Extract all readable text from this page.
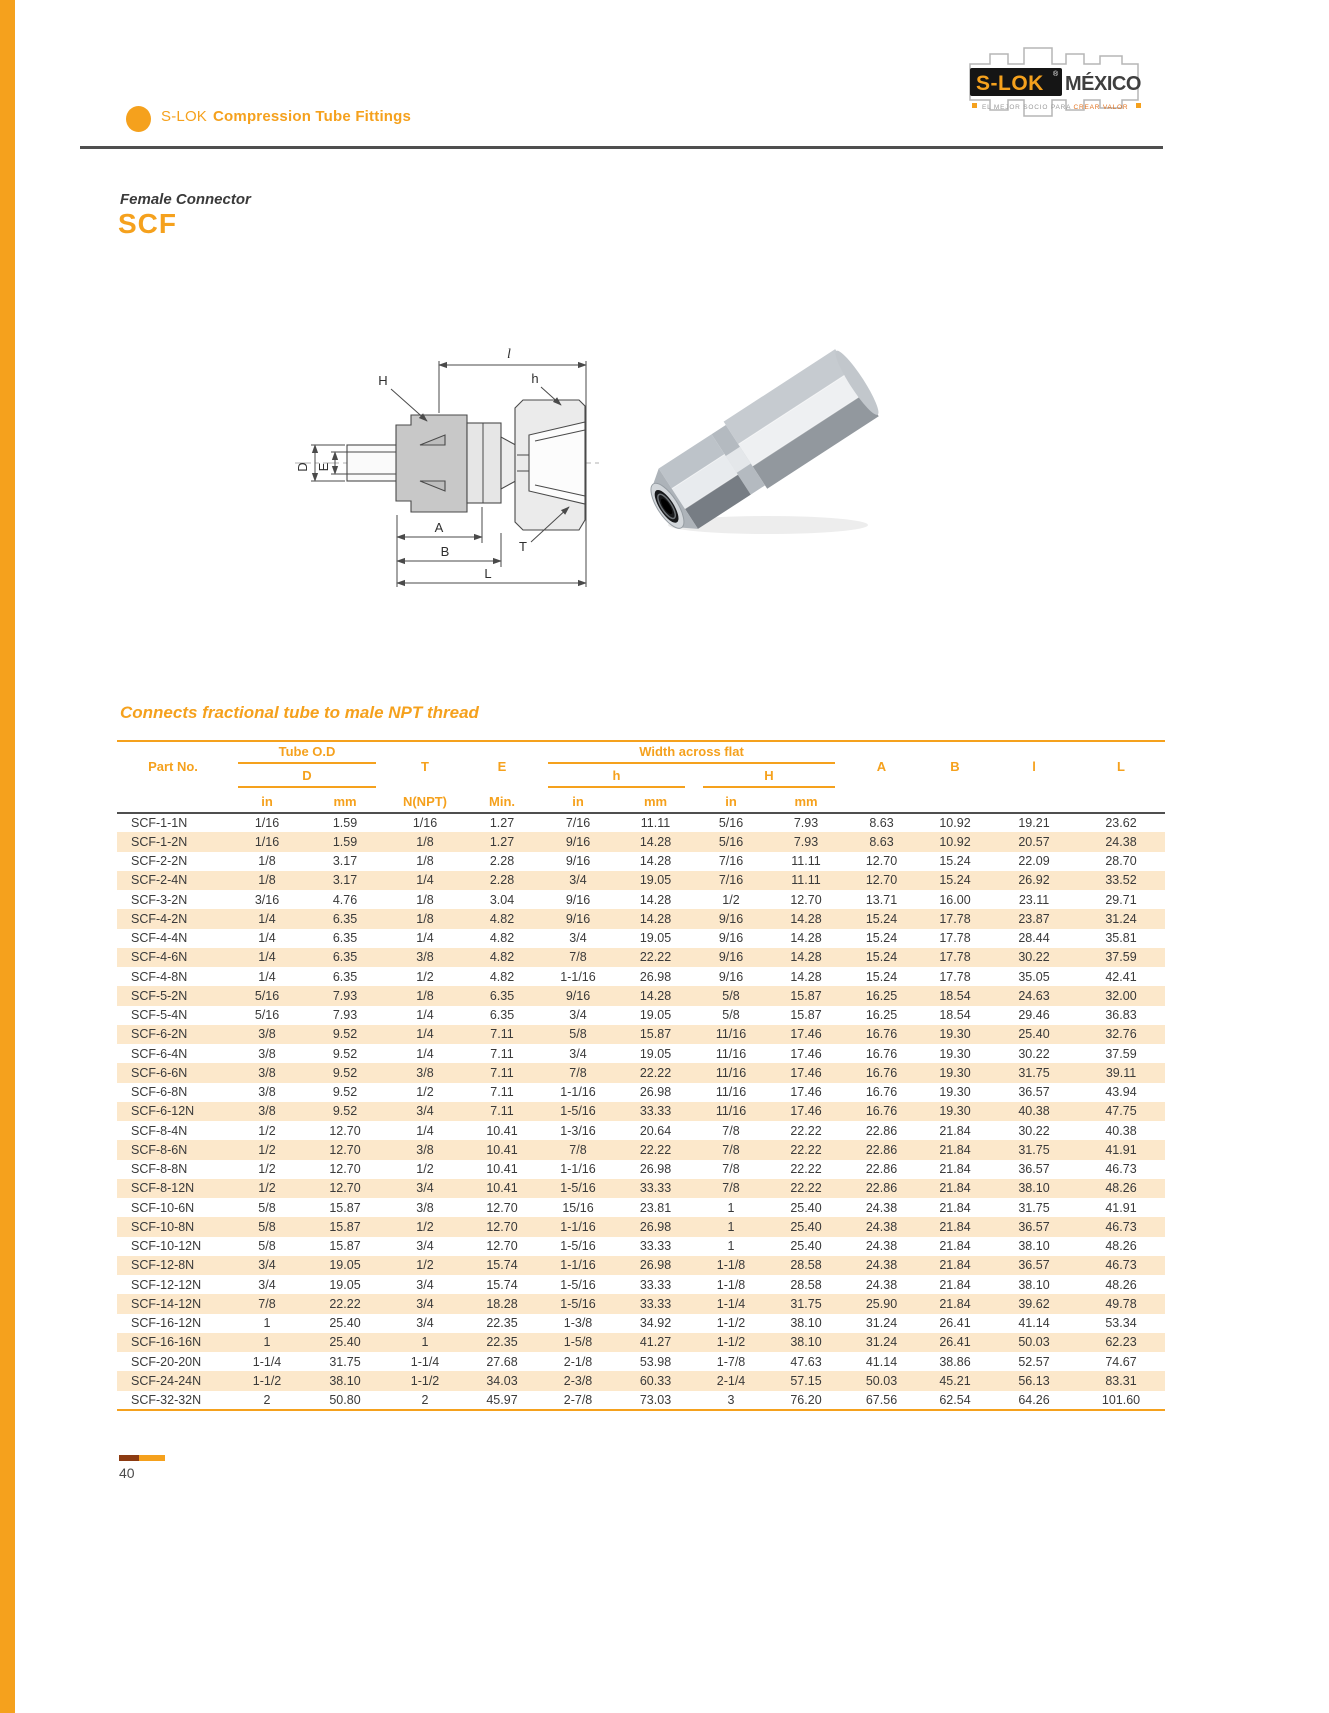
S-LOK Compression Tube Fittings
S-LOK ® MÉXICO
EL MEJOR SOCIO PARA CREAR VALOR
Female Connector
SCF
l
H	h
D E
A
B
L
T
Connects fractional tube to male NPT thread
Part No.	Tube O.D		T	E	Width across flat				A	B	l	L

	D				h		H					

	in	mm	N(NPT)	Min.	in	mm	in	mm				
SCF-1-1N	1/16	1.59	1/16	1.27	7/16	11.11	5/16	7.93	8.63	10.92	19.21	23.62
SCF-1-2N	1/16	1.59	1/8	1.27	9/16	14.28	5/16	7.93	8.63	10.92	20.57	24.38
SCF-2-2N	1/8	3.17	1/8	2.28	9/16	14.28	7/16	11.11	12.70	15.24	22.09	28.70
SCF-2-4N	1/8	3.17	1/4	2.28	3/4	19.05	7/16	11.11	12.70	15.24	26.92	33.52
SCF-3-2N	3/16	4.76	1/8	3.04	9/16	14.28	1/2	12.70	13.71	16.00	23.11	29.71
SCF-4-2N	1/4	6.35	1/8	4.82	9/16	14.28	9/16	14.28	15.24	17.78	23.87	31.24
SCF-4-4N	1/4	6.35	1/4	4.82	3/4	19.05	9/16	14.28	15.24	17.78	28.44	35.81
SCF-4-6N	1/4	6.35	3/8	4.82	7/8	22.22	9/16	14.28	15.24	17.78	30.22	37.59
SCF-4-8N	1/4	6.35	1/2	4.82	1-1/16	26.98	9/16	14.28	15.24	17.78	35.05	42.41
SCF-5-2N	5/16	7.93	1/8	6.35	9/16	14.28	5/8	15.87	16.25	18.54	24.63	32.00
SCF-5-4N	5/16	7.93	1/4	6.35	3/4	19.05	5/8	15.87	16.25	18.54	29.46	36.83
SCF-6-2N	3/8	9.52	1/4	7.11	5/8	15.87	11/16	17.46	16.76	19.30	25.40	32.76
SCF-6-4N	3/8	9.52	1/4	7.11	3/4	19.05	11/16	17.46	16.76	19.30	30.22	37.59
SCF-6-6N	3/8	9.52	3/8	7.11	7/8	22.22	11/16	17.46	16.76	19.30	31.75	39.11
SCF-6-8N	3/8	9.52	1/2	7.11	1-1/16	26.98	11/16	17.46	16.76	19.30	36.57	43.94
SCF-6-12N	3/8	9.52	3/4	7.11	1-5/16	33.33	11/16	17.46	16.76	19.30	40.38	47.75
SCF-8-4N	1/2	12.70	1/4	10.41	1-3/16	20.64	7/8	22.22	22.86	21.84	30.22	40.38
SCF-8-6N	1/2	12.70	3/8	10.41	7/8	22.22	7/8	22.22	22.86	21.84	31.75	41.91
SCF-8-8N	1/2	12.70	1/2	10.41	1-1/16	26.98	7/8	22.22	22.86	21.84	36.57	46.73
SCF-8-12N	1/2	12.70	3/4	10.41	1-5/16	33.33	7/8	22.22	22.86	21.84	38.10	48.26
SCF-10-6N	5/8	15.87	3/8	12.70	15/16	23.81	1	25.40	24.38	21.84	31.75	41.91
SCF-10-8N	5/8	15.87	1/2	12.70	1-1/16	26.98	1	25.40	24.38	21.84	36.57	46.73
SCF-10-12N	5/8	15.87	3/4	12.70	1-5/16	33.33	1	25.40	24.38	21.84	38.10	48.26
SCF-12-8N	3/4	19.05	1/2	15.74	1-1/16	26.98	1-1/8	28.58	24.38	21.84	36.57	46.73
SCF-12-12N	3/4	19.05	3/4	15.74	1-5/16	33.33	1-1/8	28.58	24.38	21.84	38.10	48.26
SCF-14-12N	7/8	22.22	3/4	18.28	1-5/16	33.33	1-1/4	31.75	25.90	21.84	39.62	49.78
SCF-16-12N	1	25.40	3/4	22.35	1-3/8	34.92	1-1/2	38.10	31.24	26.41	41.14	53.34
SCF-16-16N	1	25.40	1	22.35	1-5/8	41.27	1-1/2	38.10	31.24	26.41	50.03	62.23
SCF-20-20N	1-1/4	31.75	1-1/4	27.68	2-1/8	53.98	1-7/8	47.63	41.14	38.86	52.57	74.67
SCF-24-24N	1-1/2	38.10	1-1/2	34.03	2-3/8	60.33	2-1/4	57.15	50.03	45.21	56.13	83.31
SCF-32-32N	2	50.80	2	45.97	2-7/8	73.03	3	76.20	67.56	62.54	64.26	101.60
40
